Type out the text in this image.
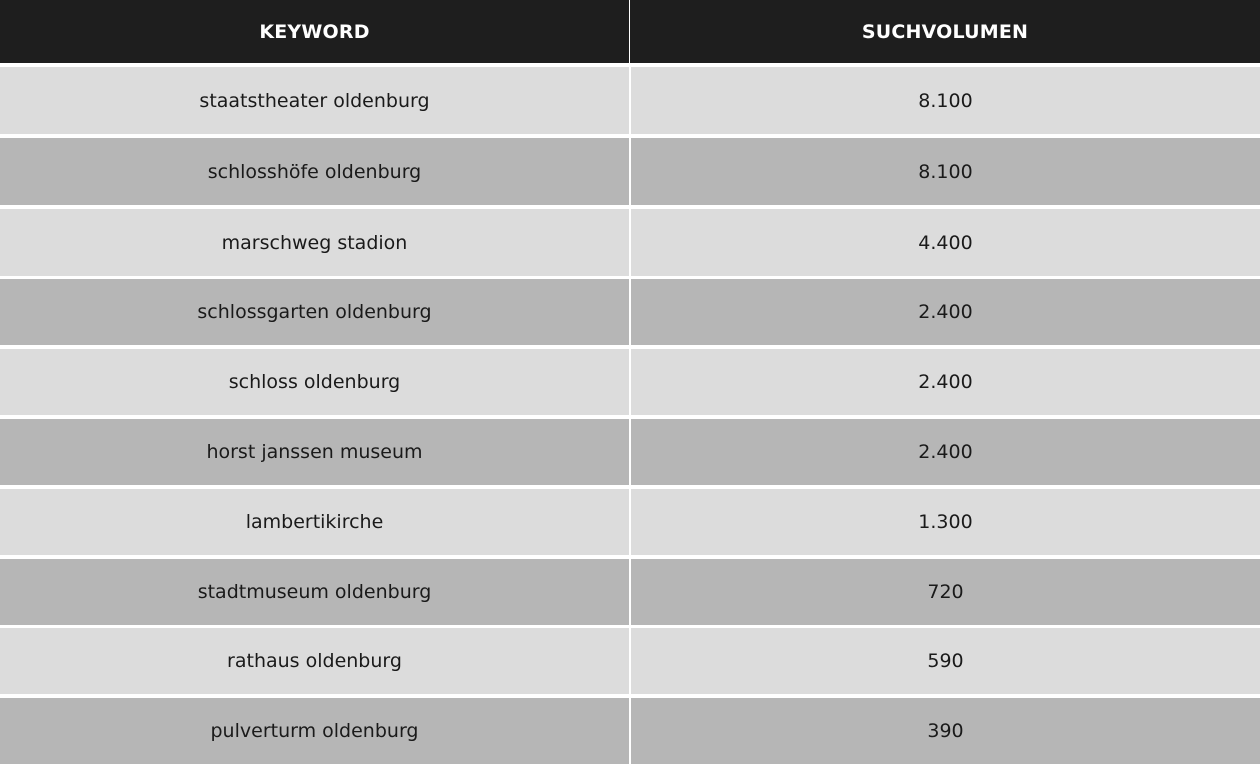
KEYWORD	SUCHVOLUMEN
staatstheater oldenburg	8.100
schlosshöfe oldenburg	8.100
marschweg stadion	4.400
schlossgarten oldenburg	2.400
schloss oldenburg	2.400
horst janssen museum	2.400
lambertikirche	1.300
stadtmuseum oldenburg	720
rathaus oldenburg	590
pulverturm oldenburg	390
